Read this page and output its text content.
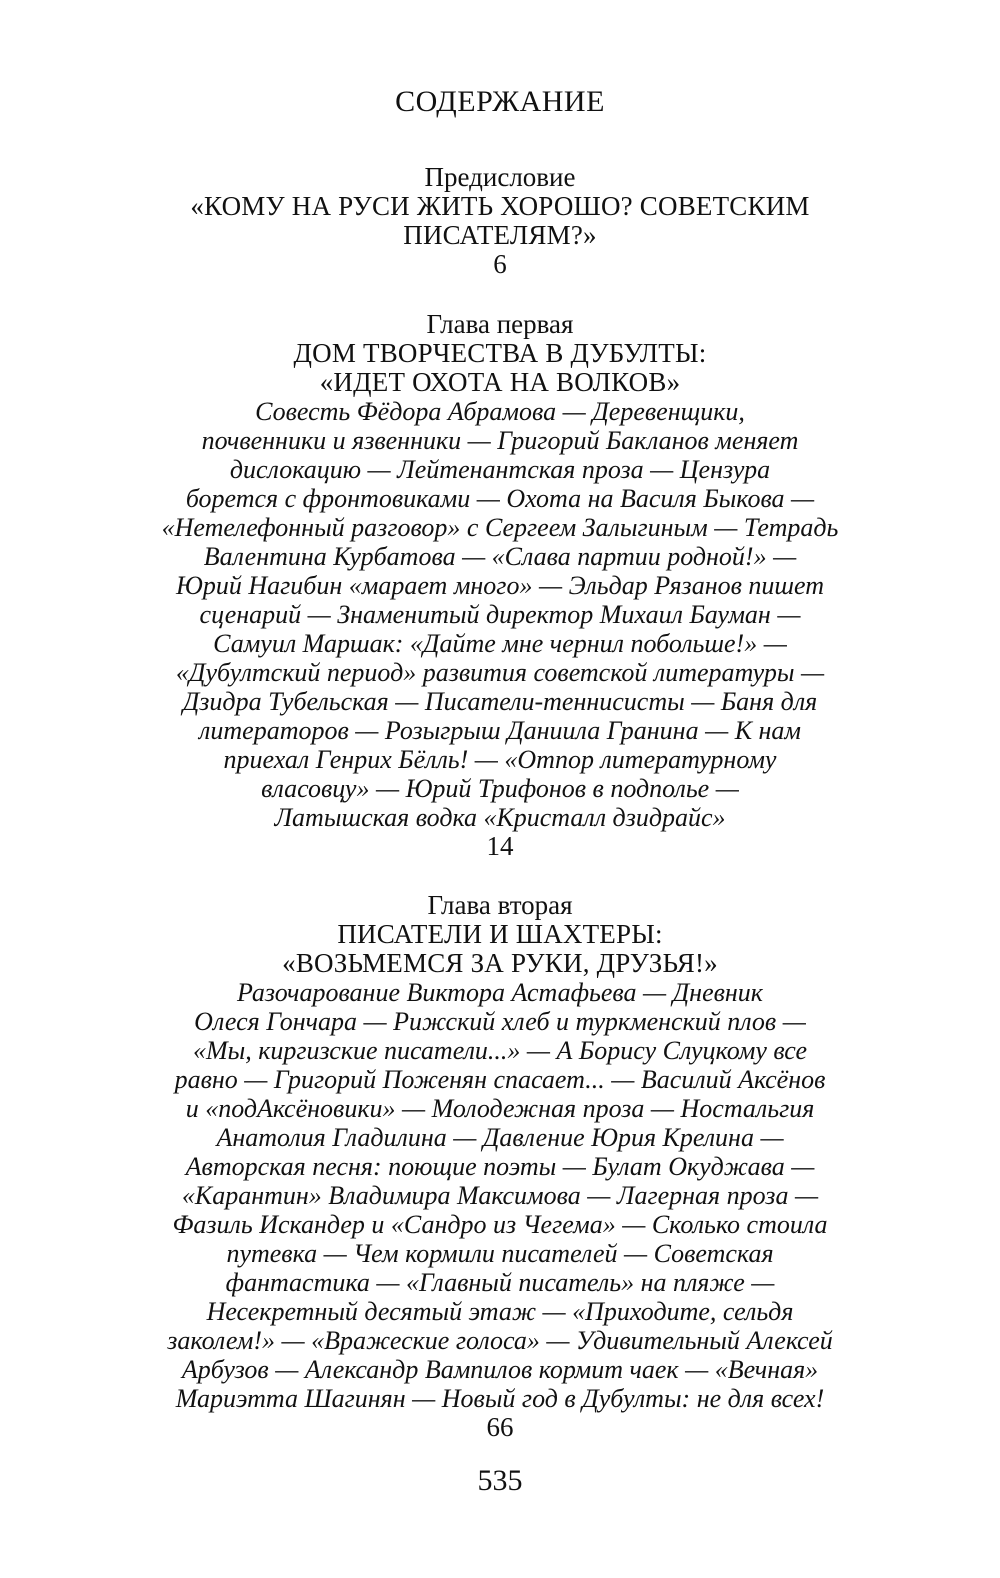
СОДЕРЖАНИЕ
Предисловие
«КОМУ НА РУСИ ЖИТЬ ХОРОШО? СОВЕТСКИМ
ПИСАТЕЛЯМ?»
6
Глава первая
ДОМ ТВОРЧЕСТВА В ДУБУЛТЫ:
«ИДЕТ ОХОТА НА ВОЛКОВ»
Совесть Фёдора Абрамова — Деревенщики,
почвенники и язвенники — Григорий Бакланов меняет
дислокацию — Лейтенантская проза — Цензура
борется с фронтовиками — Охота на Василя Быкова —
«Нетелефонный разговор» с Сергеем Залыгиным — Тетрадь
Валентина Курбатова — «Слава партии родной!» —
Юрий Нагибин «марает много» — Эльдар Рязанов пишет
сценарий — Знаменитый директор Михаил Бауман —
Самуил Маршак: «Дайте мне чернил побольше!» —
«Дубултский период» развития советской литературы —
Дзидра Тубельская — Писатели-теннисисты — Баня для
литераторов — Розыгрыш Даниила Гранина — К нам
приехал Генрих Бёлль! — «Отпор литературному
власовцу» — Юрий Трифонов в подполье —
Латышская водка «Кристалл дзидрайс»
14
Глава вторая
ПИСАТЕЛИ И ШАХТЕРЫ:
«ВОЗЬМЕМСЯ ЗА РУКИ, ДРУЗЬЯ!»
Разочарование Виктора Астафьева — Дневник
Олеся Гончара — Рижский хлеб и туркменский плов —
«Мы, киргизские писатели...» — А Борису Слуцкому все
равно — Григорий Поженян спасает... — Василий Аксёнов
и «подАксёновики» — Молодежная проза — Ностальгия
Анатолия Гладилина — Давление Юрия Крелина —
Авторская песня: поющие поэты — Булат Окуджава —
«Карантин» Владимира Максимова — Лагерная проза —
Фазиль Искандер и «Сандро из Чегема» — Сколько стоила
путевка — Чем кормили писателей — Советская
фантастика — «Главный писатель» на пляже —
Несекретный десятый этаж — «Приходите, сельдя
заколем!» — «Вражеские голоса» — Удивительный Алексей
Арбузов — Александр Вампилов кормит чаек — «Вечная»
Мариэтта Шагинян — Новый год в Дубулты: не для всех!
66
535
